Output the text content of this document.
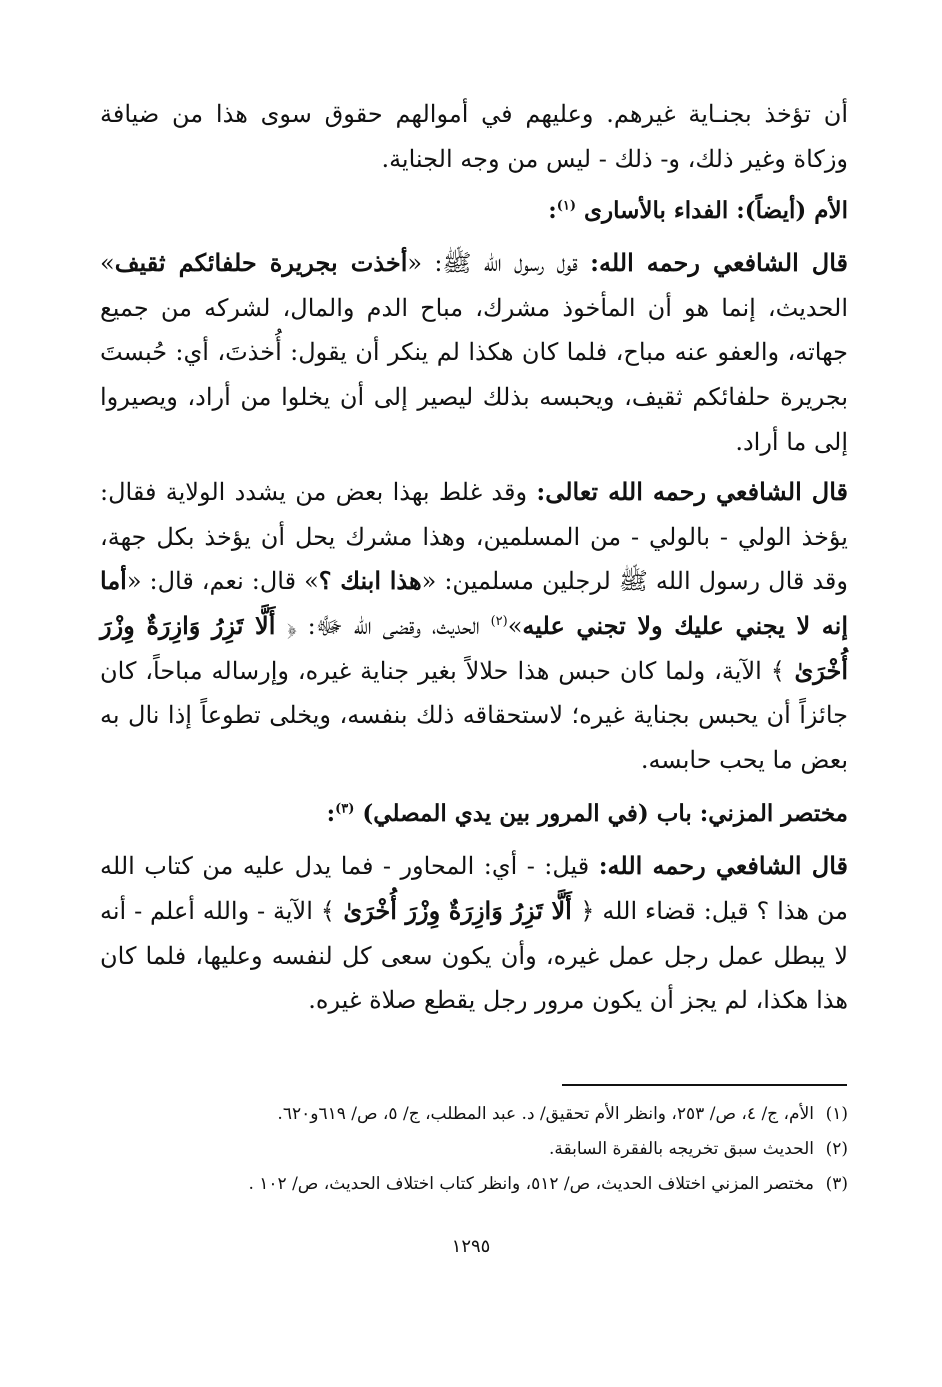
أن تؤخذ بجنـاية غيرهم. وعليهم في أموالهم حقوق سوى هذا من ضيافة وزكاة وغير ذلك، و- ذلك - ليس من وجه الجناية.

الأم (أيضاً): الفداء بالأسارى $^{(١)}$:

قال الشافعي رحمه الله: قول رسول الله ﷺ: «أخذت بجريرة حلفائكم ثقيف» الحديث، إنما هو أن المأخوذ مشرك، مباح الدم والمال، لشركه من جميع جهاته، والعفو عنه مباح، فلما كان هكذا لم ينكر أن يقول: أُخذتَ، أي: حُبستَ بجريرة حلفائكم ثقيف، ويحبسه بذلك ليصير إلى أن يخلوا من أراد، ويصيروا إلى ما أراد.

قال الشافعي رحمه الله تعالى: وقد غلط بهذا بعض من يشدد الولاية فقال: يؤخذ الولي - بالولي - من المسلمين، وهذا مشرك يحل أن يؤخذ بكل جهة، وقد قال رسول الله ﷺ لرجلين مسلمين: «هذا ابنك ؟» قال: نعم، قال: «أما إنه لا يجني عليك ولا تجني عليه»$^{(٢)}$ الحديث، وقضى الله ﷻ: ﴿ أَلَّا تَزِرُ وَازِرَةٌ وِزْرَ أُخْرَىٰ ﴾ الآية، ولما كان حبس هذا حلالاً بغير جناية غيره، وإرساله مباحاً، كان جائزاً أن يحبس بجناية غيره؛ لاستحقاقه ذلك بنفسه، ويخلى تطوعاً إذا نال به بعض ما يحب حابسه.

مختصر المزني: باب (في المرور بين يدي المصلي) $^{(٣)}$:

قال الشافعي رحمه الله: قيل: - أي: المحاور - فما يدل عليه من كتاب الله من هذا ؟ قيل: قضاء الله ﴿ أَلَّا تَزِرُ وَازِرَةٌ وِزْرَ أُخْرَىٰ ﴾ الآية - والله أعلم - أنه لا يبطل عمل رجل عمل غيره، وأن يكون سعى كل لنفسه وعليها، فلما كان هذا هكذا، لم يجز أن يكون مرور رجل يقطع صلاة غيره.

(١)الأم، ج/ ٤، ص/ ٢٥٣، وانظر الأم تحقيق/ د. عبد المطلب، ج/ ٥، ص/ ٦١٩و٦٢٠.
(٢)الحديث سبق تخريجه بالفقرة السابقة.
(٣)مختصر المزني اختلاف الحديث، ص/ ٥١٢، وانظر كتاب اختلاف الحديث، ص/ ١٠٢ .
١٢٩٥
